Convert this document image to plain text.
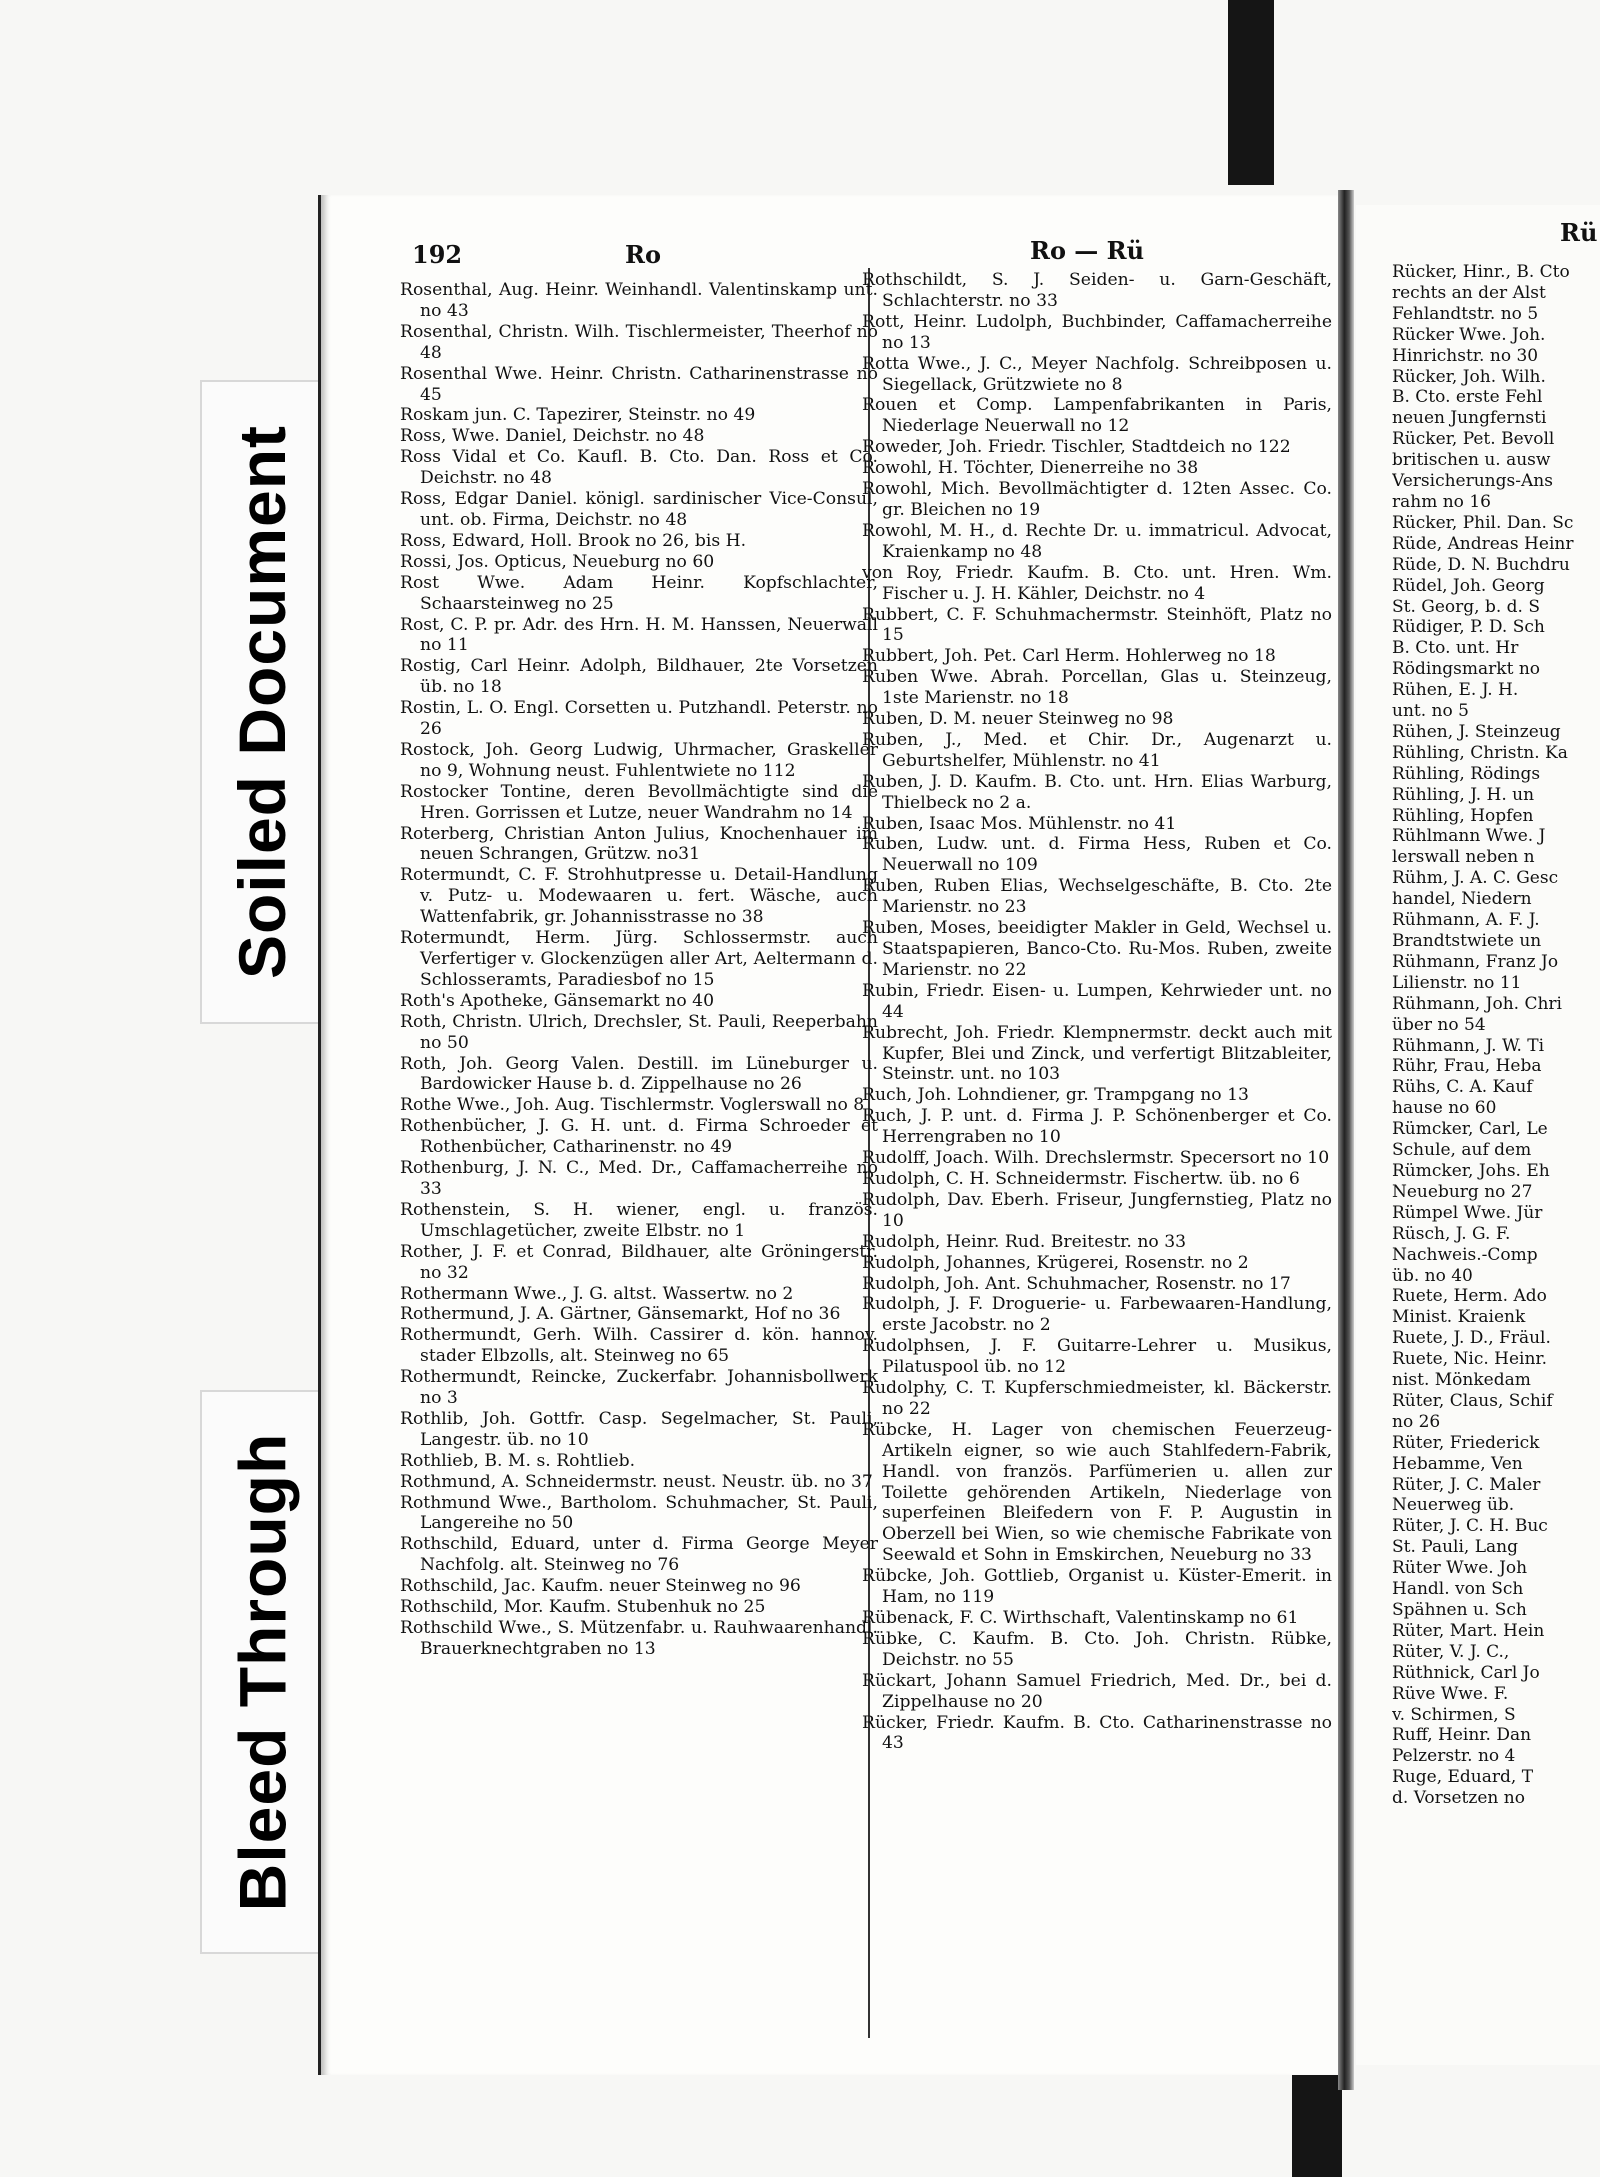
Soiled Document
Bleed Through
192	Ro	Ro — Rü
Rü
Rosenthal, Aug. Heinr. Weinhandl. Valentinskamp unt. no 43
Rosenthal, Christn. Wilh. Tischlermeister, Theerhof no 48
Rosenthal Wwe. Heinr. Christn. Catharinenstrasse no 45
Roskam jun. C. Tapezirer, Steinstr. no 49
Ross, Wwe. Daniel, Deichstr. no 48
Ross Vidal et Co. Kaufl. B. Cto. Dan. Ross et Co. Deichstr. no 48
Ross, Edgar Daniel. königl. sardinischer Vice-Consul, unt. ob. Firma, Deichstr. no 48
Ross, Edward, Holl. Brook no 26, bis H.
Rossi, Jos. Opticus, Neueburg no 60
Rost Wwe. Adam Heinr. Kopfschlachter, Schaarsteinweg no 25
Rost, C. P. pr. Adr. des Hrn. H. M. Hanssen, Neuerwall no 11
Rostig, Carl Heinr. Adolph, Bildhauer, 2te Vorsetzen üb. no 18
Rostin, L. O. Engl. Corsetten u. Putzhandl. Peterstr. no 26
Rostock, Joh. Georg Ludwig, Uhrmacher, Graskeller no 9, Wohnung neust. Fuhlentwiete no 112
Rostocker Tontine, deren Bevollmächtigte sind die Hren. Gorrissen et Lutze, neuer Wandrahm no 14
Roterberg, Christian Anton Julius, Knochenhauer im neuen Schrangen, Grützw. no31
Rotermundt, C. F. Strohhutpresse u. Detail-Handlung v. Putz- u. Modewaaren u. fert. Wäsche, auch Wattenfabrik, gr. Johannisstrasse no 38
Rotermundt, Herm. Jürg. Schlossermstr. auch Verfertiger v. Glockenzügen aller Art, Aeltermann d. Schlosseramts, Paradiesbof no 15
Roth's Apotheke, Gänsemarkt no 40
Roth, Christn. Ulrich, Drechsler, St. Pauli, Reeperbahn no 50
Roth, Joh. Georg Valen. Destill. im Lüneburger u. Bardowicker Hause b. d. Zippelhause no 26
Rothe Wwe., Joh. Aug. Tischlermstr. Voglerswall no 8
Rothenbücher, J. G. H. unt. d. Firma Schroeder et Rothenbücher, Catharinenstr. no 49
Rothenburg, J. N. C., Med. Dr., Caffamacherreihe no 33
Rothenstein, S. H. wiener, engl. u. französ. Umschlagetücher, zweite Elbstr. no 1
Rother, J. F. et Conrad, Bildhauer, alte Gröningerstr. no 32
Rothermann Wwe., J. G. altst. Wassertw. no 2
Rothermund, J. A. Gärtner, Gänsemarkt, Hof no 36
Rothermundt, Gerh. Wilh. Cassirer d. kön. hannov. stader Elbzolls, alt. Steinweg no 65
Rothermundt, Reincke, Zuckerfabr. Johannisbollwerk no 3
Rothlib, Joh. Gottfr. Casp. Segelmacher, St. Pauli, Langestr. üb. no 10
Rothlieb, B. M. s. Rohtlieb.
Rothmund, A. Schneidermstr. neust. Neustr. üb. no 37
Rothmund Wwe., Bartholom. Schuhmacher, St. Pauli, Langereihe no 50
Rothschild, Eduard, unter d. Firma George Meyer Nachfolg. alt. Steinweg no 76
Rothschild, Jac. Kaufm. neuer Steinweg no 96
Rothschild, Mor. Kaufm. Stubenhuk no 25
Rothschild Wwe., S. Mützenfabr. u. Rauhwaarenhandl. Brauerknechtgraben no 13
Rothschildt, S. J. Seiden- u. Garn-Geschäft, Schlachterstr. no 33
Rott, Heinr. Ludolph, Buchbinder, Caffamacherreihe no 13
Rotta Wwe., J. C., Meyer Nachfolg. Schreibposen u. Siegellack, Grützwiete no 8
Rouen et Comp. Lampenfabrikanten in Paris, Niederlage Neuerwall no 12
Roweder, Joh. Friedr. Tischler, Stadtdeich no 122
Rowohl, H. Töchter, Dienerreihe no 38
Rowohl, Mich. Bevollmächtigter d. 12ten Assec. Co. gr. Bleichen no 19
Rowohl, M. H., d. Rechte Dr. u. immatricul. Advocat, Kraienkamp no 48
von Roy, Friedr. Kaufm. B. Cto. unt. Hren. Wm. Fischer u. J. H. Kähler, Deichstr. no 4
Rubbert, C. F. Schuhmachermstr. Steinhöft, Platz no 15
Rubbert, Joh. Pet. Carl Herm. Hohlerweg no 18
Ruben Wwe. Abrah. Porcellan, Glas u. Steinzeug, 1ste Marienstr. no 18
Ruben, D. M. neuer Steinweg no 98
Ruben, J., Med. et Chir. Dr., Augenarzt u. Geburtshelfer, Mühlenstr. no 41
Ruben, J. D. Kaufm. B. Cto. unt. Hrn. Elias Warburg, Thielbeck no 2 a.
Ruben, Isaac Mos. Mühlenstr. no 41
Ruben, Ludw. unt. d. Firma Hess, Ruben et Co. Neuerwall no 109
Ruben, Ruben Elias, Wechselgeschäfte, B. Cto. 2te Marienstr. no 23
Ruben, Moses, beeidigter Makler in Geld, Wechsel u. Staatspapieren, Banco-Cto. Ru-Mos. Ruben, zweite Marienstr. no 22
Rubin, Friedr. Eisen- u. Lumpen, Kehrwieder unt. no 44
Rubrecht, Joh. Friedr. Klempnermstr. deckt auch mit Kupfer, Blei und Zinck, und verfertigt Blitzableiter, Steinstr. unt. no 103
Ruch, Joh. Lohndiener, gr. Trampgang no 13
Ruch, J. P. unt. d. Firma J. P. Schönenberger et Co. Herrengraben no 10
Rudolff, Joach. Wilh. Drechslermstr. Specersort no 10
Rudolph, C. H. Schneidermstr. Fischertw. üb. no 6
Rudolph, Dav. Eberh. Friseur, Jungfernstieg, Platz no 10
Rudolph, Heinr. Rud. Breitestr. no 33
Rudolph, Johannes, Krügerei, Rosenstr. no 2
Rudolph, Joh. Ant. Schuhmacher, Rosenstr. no 17
Rudolph, J. F. Droguerie- u. Farbewaaren-Handlung, erste Jacobstr. no 2
Rudolphsen, J. F. Guitarre-Lehrer u. Musikus, Pilatuspool üb. no 12
Rudolphy, C. T. Kupferschmiedmeister, kl. Bäckerstr. no 22
Rübcke, H. Lager von chemischen Feuerzeug-Artikeln eigner, so wie auch Stahlfedern-Fabrik, Handl. von französ. Parfümerien u. allen zur Toilette gehörenden Artikeln, Niederlage von superfeinen Bleifedern von F. P. Augustin in Oberzell bei Wien, so wie chemische Fabrikate von Seewald et Sohn in Emskirchen, Neueburg no 33
Rübcke, Joh. Gottlieb, Organist u. Küster-Emerit. in Ham, no 119
Rübenack, F. C. Wirthschaft, Valentinskamp no 61
Rübke, C. Kaufm. B. Cto. Joh. Christn. Rübke, Deichstr. no 55
Rückart, Johann Samuel Friedrich, Med. Dr., bei d. Zippelhause no 20
Rücker, Friedr. Kaufm. B. Cto. Catharinenstrasse no 43
Rücker, Hinr., B. Cto
rechts an der Alst
Fehlandtstr. no 5
Rücker Wwe. Joh.
Hinrichstr. no 30
Rücker, Joh. Wilh.
B. Cto. erste Fehl
neuen Jungfernsti
Rücker, Pet. Bevoll
britischen u. ausw
Versicherungs-Ans
rahm no 16
Rücker, Phil. Dan. Sc
Rüde, Andreas Heinr
Rüde, D. N. Buchdru
Rüdel, Joh. Georg
St. Georg, b. d. S
Rüdiger, P. D. Sch
B. Cto. unt. Hr
Rödingsmarkt no
Rühen, E. J. H.
unt. no 5
Rühen, J. Steinzeug
Rühling, Christn. Ka
Rühling, Rödings
Rühling, J. H. un
Rühling, Hopfen
Rühlmann Wwe. J
lerswall neben n
Rühm, J. A. C. Gesc
handel, Niedern
Rühmann, A. F. J.
Brandtstwiete un
Rühmann, Franz Jo
Lilienstr. no 11
Rühmann, Joh. Chri
über no 54
Rühmann, J. W. Ti
Rühr, Frau, Heba
Rühs, C. A. Kauf
hause no 60
Rümcker, Carl, Le
Schule, auf dem
Rümcker, Johs. Eh
Neueburg no 27
Rümpel Wwe. Jür
Rüsch, J. G. F.
Nachweis.-Comp
üb. no 40
Ruete, Herm. Ado
Minist. Kraienk
Ruete, J. D., Fräul.
Ruete, Nic. Heinr.
nist. Mönkedam
Rüter, Claus, Schif
no 26
Rüter, Friederick
Hebamme, Ven
Rüter, J. C. Maler
Neuerweg üb.
Rüter, J. C. H. Buc
St. Pauli, Lang
Rüter Wwe. Joh
Handl. von Sch
Spähnen u. Sch
Rüter, Mart. Hein
Rüter, V. J. C.,
Rüthnick, Carl Jo
Rüve Wwe. F.
v. Schirmen, S
Ruff, Heinr. Dan
Pelzerstr. no 4
Ruge, Eduard, T
d. Vorsetzen no
